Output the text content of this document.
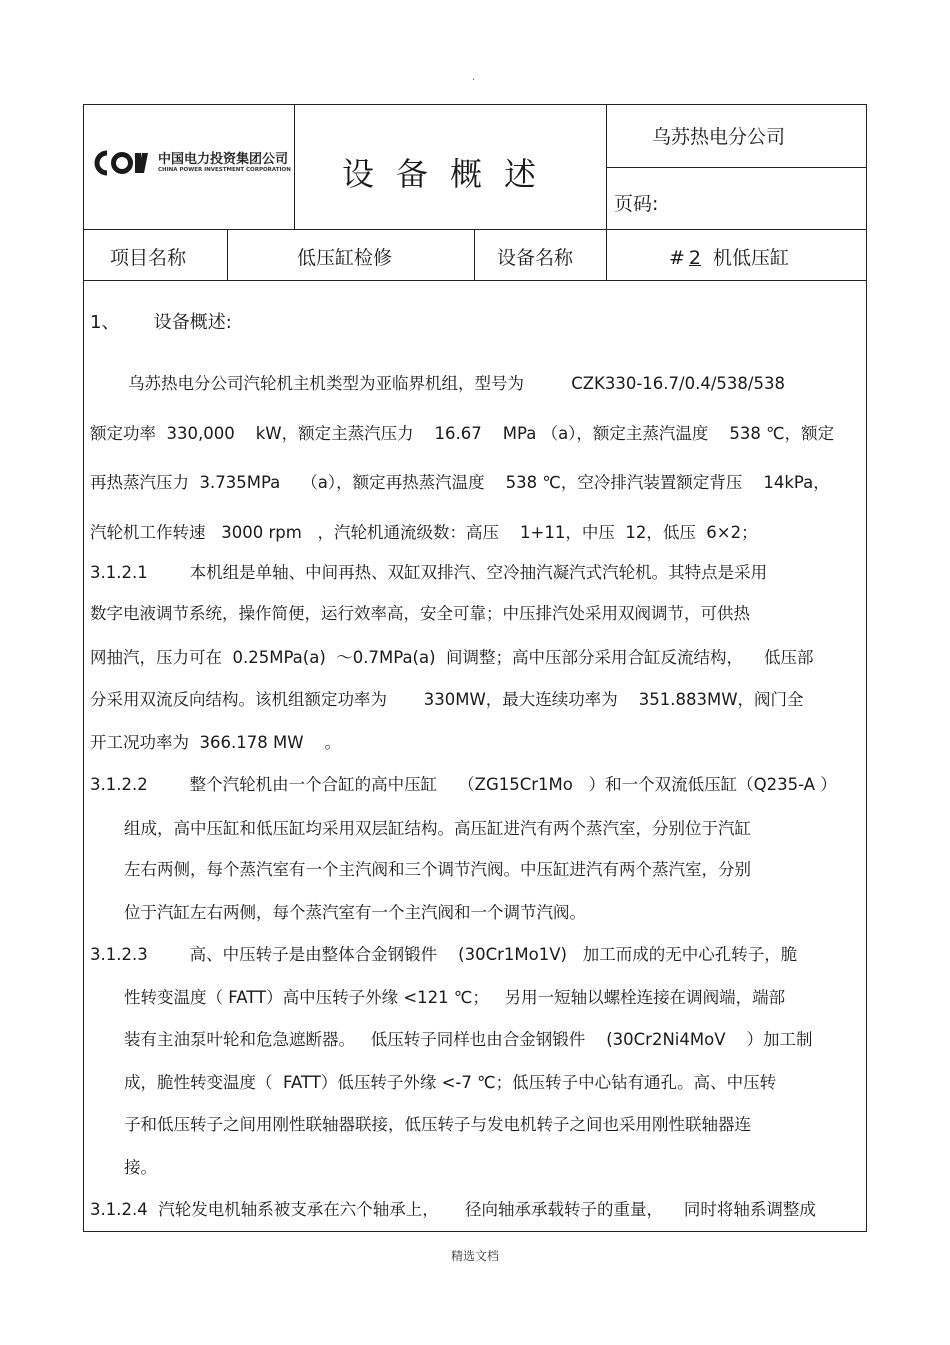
.
中国电力投资集团公司
CHINA POWER INVESTMENT CORPORATION	设备概述
乌苏热电分公司
页码:
项目名称	低压缸检修	设备名称	# 2 机低压缸
1、      设备概述:
乌苏热电分公司汽轮机主机类型为亚临界机组，型号为         CZK330-16.7/0.4/538/538
额定功率  330,000    kW，额定主蒸汽压力    16.67    MPa （a），额定主蒸汽温度    538 ℃，额定
再热蒸汽压力  3.735MPa    （a），额定再热蒸汽温度    538 ℃，空冷排汽装置额定背压    14kPa，
汽轮机工作转速   3000 rpm   ，汽轮机通流级数：高压    1+11，中压  12，低压  6×2；
3.1.2.1        本机组是单轴、中间再热、双缸双排汽、空冷抽汽凝汽式汽轮机。其特点是采用
数字电液调节系统，操作简便，运行效率高，安全可靠；中压排汽处采用双阀调节，可供热
网抽汽，压力可在  0.25MPa(a)  ～0.7MPa(a)  间调整；高中压部分采用合缸反流结构，    低压部
分采用双流反向结构。该机组额定功率为       330MW，最大连续功率为    351.883MW，阀门全
开工况功率为  366.178 MW    。
3.1.2.2        整个汽轮机由一个合缸的高中压缸    （ZG15Cr1Mo   ）和一个双流低压缸（Q235-A ）
组成，高中压缸和低压缸均采用双层缸结构。高压缸进汽有两个蒸汽室，分别位于汽缸
左右两侧，每个蒸汽室有一个主汽阀和三个调节汽阀。中压缸进汽有两个蒸汽室，分别
位于汽缸左右两侧，每个蒸汽室有一个主汽阀和一个调节汽阀。
3.1.2.3        高、中压转子是由整体合金钢锻件    (30Cr1Mo1V)   加工而成的无中心孔转子，脆
性转变温度（ FATT）高中压转子外缘 <121 ℃；   另用一短轴以螺栓连接在调阀端，端部
装有主油泵叶轮和危急遮断器。   低压转子同样也由合金钢锻件    (30Cr2Ni4MoV    ）加工制
成，脆性转变温度（  FATT）低压转子外缘 <-7 ℃；低压转子中心钻有通孔。高、中压转
子和低压转子之间用刚性联轴器联接，低压转子与发电机转子之间也采用刚性联轴器连
接。
3.1.2.4  汽轮发电机轴系被支承在六个轴承上，     径向轴承承载转子的重量，    同时将轴系调整成
精选文档
